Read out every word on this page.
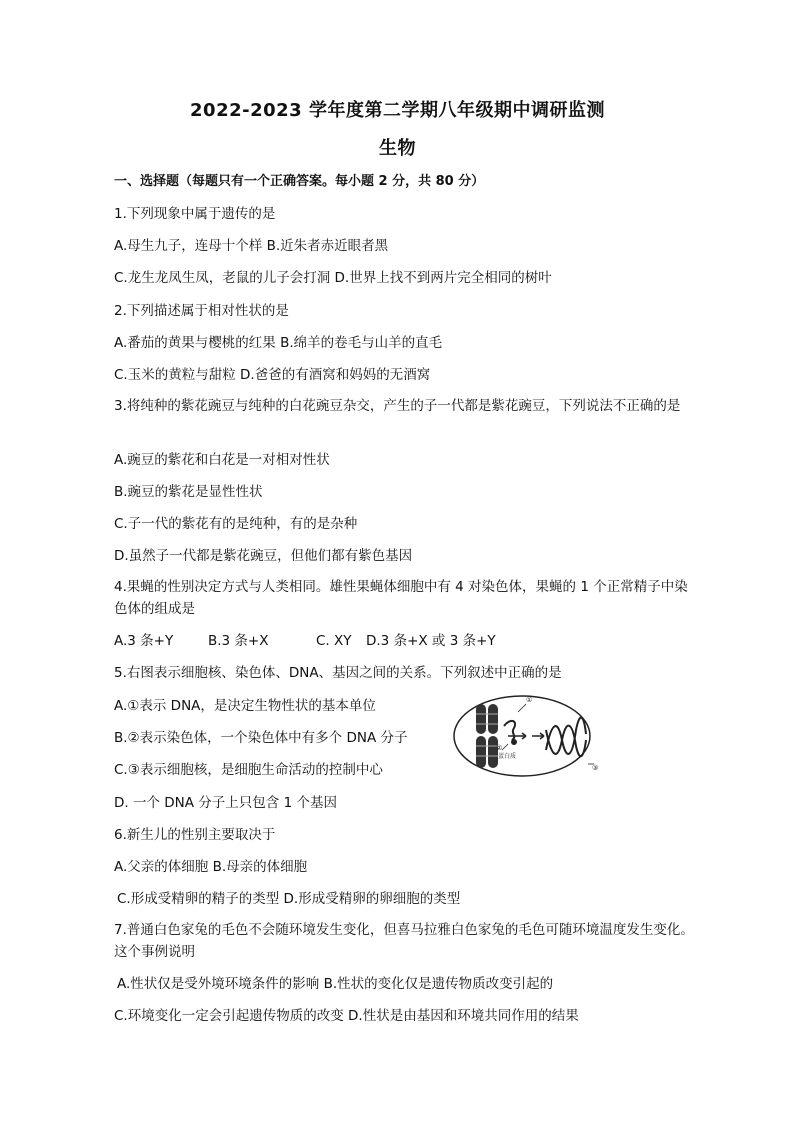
2022-2023 学年度第二学期八年级期中调研监测
生物
一、选择题（每题只有一个正确答案。每小题 2 分，共 80 分）
1.下列现象中属于遗传的是
A.母生九子，连母十个样 B.近朱者赤近眼者黑
C.龙生龙凤生凤，老鼠的儿子会打洞 D.世界上找不到两片完全相同的树叶
2.下列描述属于相对性状的是
A.番茄的黄果与樱桃的红果 B.绵羊的卷毛与山羊的直毛
C.玉米的黄粒与甜粒 D.爸爸的有酒窝和妈妈的无酒窝
3.将纯种的紫花豌豆与纯种的白花豌豆杂交，产生的子一代都是紫花豌豆，下列说法不正确的是
A.豌豆的紫花和白花是一对相对性状
B.豌豆的紫花是显性性状
C.子一代的紫花有的是纯种，有的是杂种
D.虽然子一代都是紫花豌豆，但他们都有紫色基因
4.果蝇的性别决定方式与人类相同。雄性果蝇体细胞中有 4 对染色体，果蝇的 1 个正常精子中染色体的组成是
A.3 条+Y	B.3 条+X	C. XY D.3 条+X 或 3 条+Y
5.右图表示细胞核、染色体、DNA、基因之间的关系。下列叙述中正确的是
A.①表示 DNA，是决定生物性状的基本单位
B.②表示染色体，一个染色体中有多个 DNA 分子
C.③表示细胞核，是细胞生命活动的控制中心
D. 一个 DNA 分子上只包含 1 个基因
蛋白质
①
②
③
6.新生儿的性别主要取决于
A.父亲的体细胞 B.母亲的体细胞
C.形成受精卵的精子的类型 D.形成受精卵的卵细胞的类型
7.普通白色家兔的毛色不会随环境发生变化，但喜马拉雅白色家兔的毛色可随环境温度发生变化。这个事例说明
A.性状仅是受外境环境条件的影响 B.性状的变化仅是遗传物质改变引起的
C.环境变化一定会引起遗传物质的改变 D.性状是由基因和环境共同作用的结果
